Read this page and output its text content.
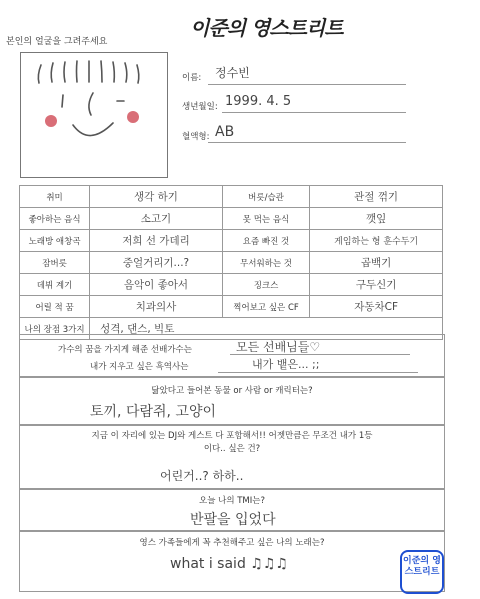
이준의 영스트리트
본인의 얼굴을 그려주세요
이름: 정수빈
생년월일: 1999. 4. 5
혈액형: AB
취미	생각 하기	버릇/습관	관절 꺾기
좋아하는 음식	소고기	못 먹는 음식	깻잎
노래방 애창곡	저희 선 가데리	요즘 빠진 것	게임하는 형 훈수두기
잠버릇	중얼거리기...?	무서워하는 것	곱백기
데뷔 계기	음악이 좋아서	징크스	구두신기
어릴 적 꿈	치과의사	찍어보고 싶은 CF	자동차CF
나의 장점 3가지	성격, 댄스, 빅토		
가수의 꿈을 가지게 해준 선배가수는	모든 선배님들♡
내가 지우고 싶은 흑역사는	내가 뱉은... ;;
닮았다고 들어본 동물 or 사람 or 캐릭터는?
토끼, 다람쥐, 고양이
지금 이 자리에 있는 DJ와 게스트 다 포함해서!! 어젯만큼은 무조건 내가 1등이다.. 싶은 건?
어린거..? 하하..
오늘 나의 TMI는?
반팔을 입었다
영스 가족들에게 꼭 추천해주고 싶은 나의 노래는?
what i said ♫♫♫	이준의 영스트리트
